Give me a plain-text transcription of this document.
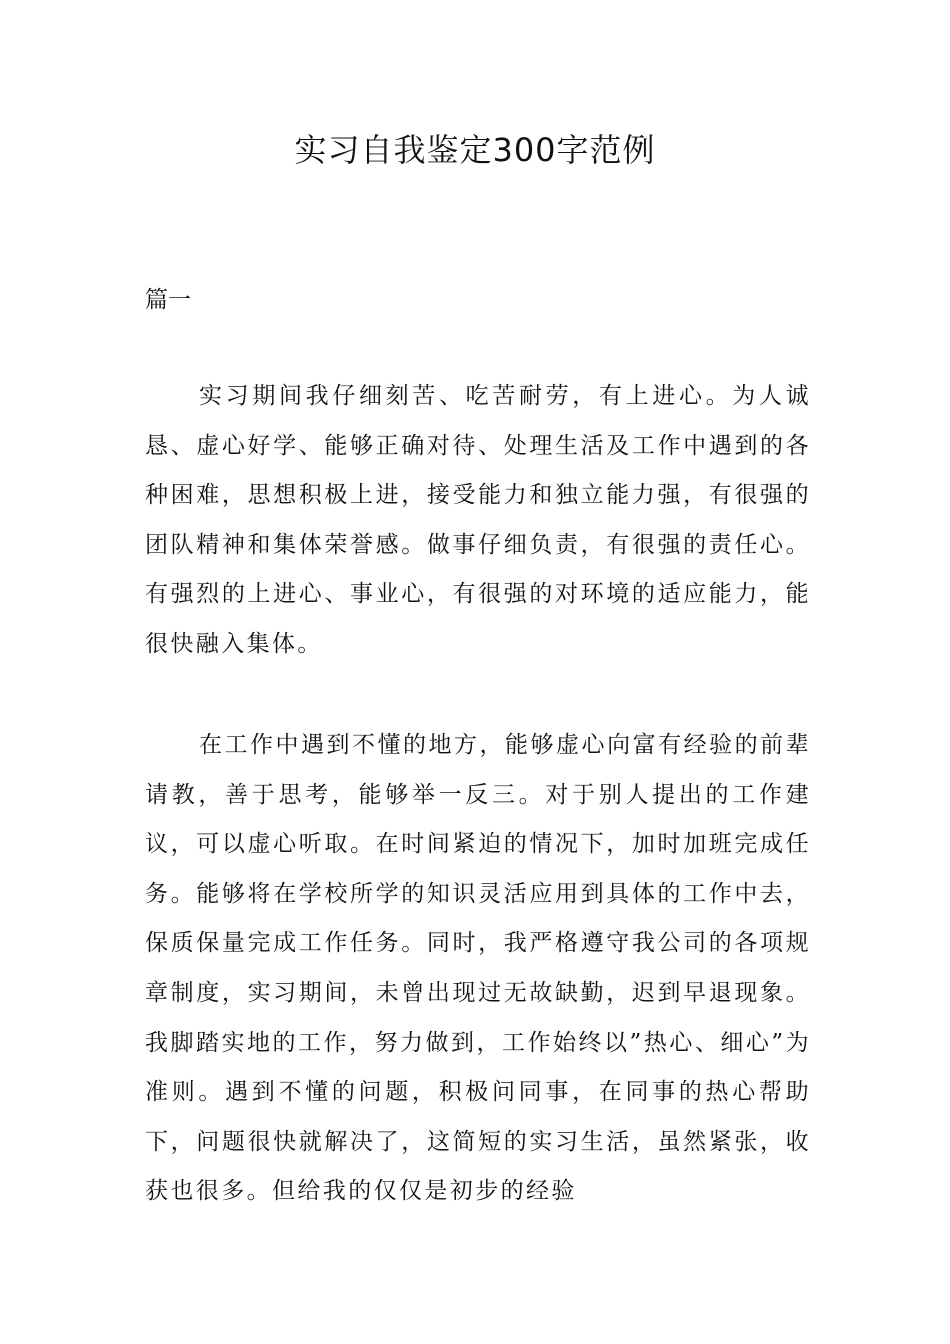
实习自我鉴定300字范例

篇一

实习期间我仔细刻苦、吃苦耐劳，有上进心。为人诚恳、虚心好学、能够正确对待、处理生活及工作中遇到的各种困难，思想积极上进，接受能力和独立能力强，有很强的团队精神和集体荣誉感。做事仔细负责，有很强的责任心。有强烈的上进心、事业心，有很强的对环境的适应能力，能很快融入集体。

在工作中遇到不懂的地方，能够虚心向富有经验的前辈请教，善于思考，能够举一反三。对于别人提出的工作建议，可以虚心听取。在时间紧迫的情况下，加时加班完成任务。能够将在学校所学的知识灵活应用到具体的工作中去，保质保量完成工作任务。同时，我严格遵守我公司的各项规章制度，实习期间，未曾出现过无故缺勤，迟到早退现象。我脚踏实地的工作，努力做到，工作始终以”热心、细心”为准则。遇到不懂的问题，积极问同事，在同事的热心帮助下，问题很快就解决了，这简短的实习生活，虽然紧张，收获也很多。但给我的仅仅是初步的经验
